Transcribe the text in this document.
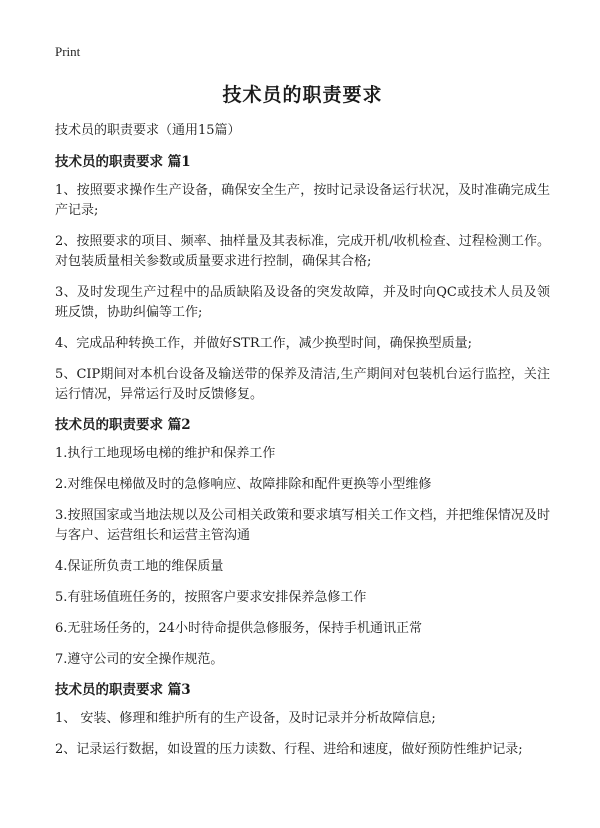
Print
技术员的职责要求
技术员的职责要求（通用15篇）
技术员的职责要求 篇1

1、按照要求操作生产设备，确保安全生产，按时记录设备运行状况，及时准确完成生产记录;

2、按照要求的项目、频率、抽样量及其表标准，完成开机/收机检查、过程检测工作。对包装质量相关参数或质量要求进行控制，确保其合格;

3、及时发现生产过程中的品质缺陷及设备的突发故障，并及时向QC或技术人员及领班反馈，协助纠偏等工作;

4、完成品种转换工作，并做好STR工作，减少换型时间，确保换型质量;

5、CIP期间对本机台设备及输送带的保养及清洁,生产期间对包装机台运行监控，关注运行情况，异常运行及时反馈修复。

技术员的职责要求 篇2

1.执行工地现场电梯的维护和保养工作

2.对维保电梯做及时的急修响应、故障排除和配件更换等小型维修

3.按照国家或当地法规以及公司相关政策和要求填写相关工作文档，并把维保情况及时与客户、运营组长和运营主管沟通

4.保证所负责工地的维保质量

5.有驻场值班任务的，按照客户要求安排保养急修工作

6.无驻场任务的，24小时待命提供急修服务，保持手机通讯正常

7.遵守公司的安全操作规范。

技术员的职责要求 篇3

1、 安装、修理和维护所有的生产设备，及时记录并分析故障信息;

2、记录运行数据，如设置的压力读数、行程、进给和速度，做好预防性维护记录;
